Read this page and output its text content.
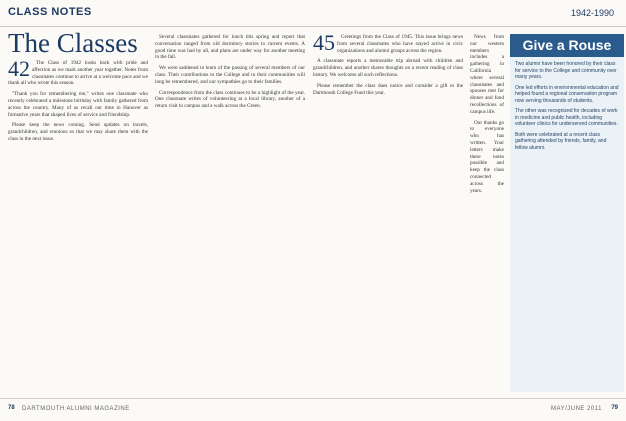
CLASS NOTES	1942-1990
The Classes
42	The Class of 1942 looks back with pride and affection as we mark another year together. Notes from classmates continue to arrive at a welcome pace and we thank all who wrote this season.

"Thank you for remembering me," writes one classmate who recently celebrated a milestone birthday with family gathered from across the country. Many of us recall our time in Hanover as formative years that shaped lives of service and friendship.

Please keep the news coming. Send updates on travels, grandchildren, and reunions so that we may share them with the class in the next issue.

Several classmates gathered for lunch this spring and report that conversation ranged from old dormitory stories to current events. A good time was had by all, and plans are under way for another meeting in the fall.

We were saddened to learn of the passing of several members of our class. Their contributions to the College and to their communities will long be remembered, and our sympathies go to their families.

Correspondence from the class continues to be a highlight of the year. One classmate writes of volunteering at a local library, another of a return visit to campus and a walk across the Green.

45	Greetings from the Class of 1945. This issue brings news from several classmates who have stayed active in civic organizations and alumni groups across the region.

A classmate reports a memorable trip abroad with children and grandchildren, and another shares thoughts on a recent reading of class history. We welcome all such reflections.

Please remember the class dues notice and consider a gift to the Dartmouth College Fund this year.

News from our western members includes a gathering in California where several classmates and spouses met for dinner and fond recollections of campus life.

Our thanks go to everyone who has written. Your letters make these notes possible and keep the class connected across the years.

Give a Rouse

Two alumni have been honored by their class for service to the College and community over many years.

One led efforts in environmental education and helped found a regional conservation program now serving thousands of students.

The other was recognized for decades of work in medicine and public health, including volunteer clinics for underserved communities.

Both were celebrated at a recent class gathering attended by friends, family, and fellow alumni.

78 DARTMOUTH ALUMNI MAGAZINE	MAY/JUNE 2011 79
